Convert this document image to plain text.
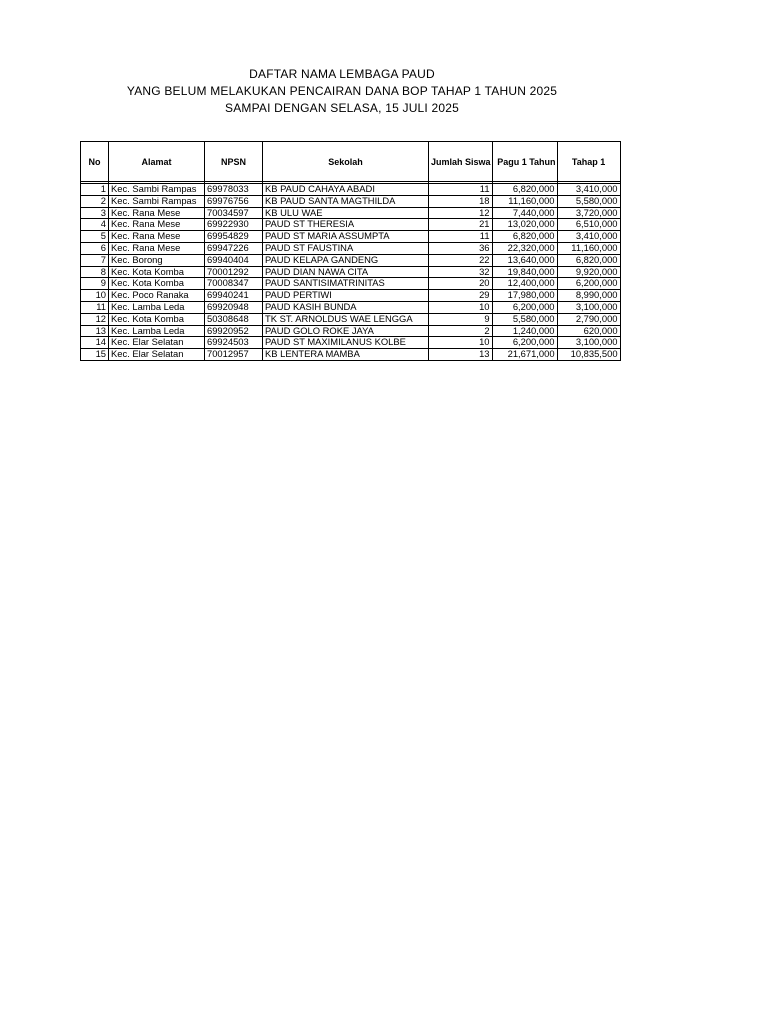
DAFTAR NAMA LEMBAGA PAUD
YANG BELUM MELAKUKAN PENCAIRAN DANA BOP TAHAP 1 TAHUN 2025
SAMPAI DENGAN SELASA, 15 JULI 2025
No	Alamat	NPSN	Sekolah	Jumlah Siswa	Pagu 1 Tahun	Tahap 1

1	Kec. Sambi Rampas	69978033	KB PAUD CAHAYA ABADI	11	6,820,000	3,410,000
2	Kec. Sambi Rampas	69976756	KB PAUD SANTA MAGTHILDA	18	11,160,000	5,580,000
3	Kec. Rana Mese	70034597	KB ULU WAE	12	7,440,000	3,720,000
4	Kec. Rana Mese	69922930	PAUD ST THERESIA	21	13,020,000	6,510,000
5	Kec. Rana Mese	69954829	PAUD ST MARIA ASSUMPTA	11	6,820,000	3,410,000
6	Kec. Rana Mese	69947226	PAUD ST FAUSTINA	36	22,320,000	11,160,000
7	Kec. Borong	69940404	PAUD KELAPA GANDENG	22	13,640,000	6,820,000
8	Kec. Kota Komba	70001292	PAUD DIAN NAWA CITA	32	19,840,000	9,920,000
9	Kec. Kota Komba	70008347	PAUD SANTISIMATRINITAS	20	12,400,000	6,200,000
10	Kec. Poco Ranaka	69940241	PAUD PERTIWI	29	17,980,000	8,990,000
11	Kec. Lamba Leda	69920948	PAUD KASIH BUNDA	10	6,200,000	3,100,000
12	Kec. Kota Komba	50308648	TK ST. ARNOLDUS WAE LENGGA	9	5,580,000	2,790,000
13	Kec. Lamba Leda	69920952	PAUD GOLO ROKE JAYA	2	1,240,000	620,000
14	Kec. Elar Selatan	69924503	PAUD ST MAXIMILANUS KOLBE	10	6,200,000	3,100,000
15	Kec. Elar Selatan	70012957	KB LENTERA MAMBA	13	21,671,000	10,835,500
